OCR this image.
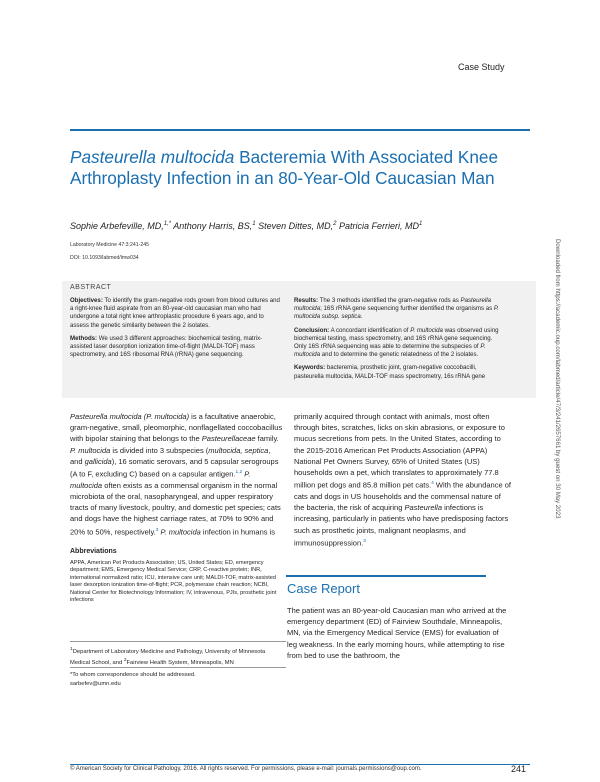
Case Study
Pasteurella multocida Bacteremia With Associated Knee Arthroplasty Infection in an 80-Year-Old Caucasian Man
Sophie Arbefeville, MD,$^{1,*}$ Anthony Harris, BS,$^1$ Steven Dittes, MD,$^2$ Patricia Ferrieri, $MD^1$
Laboratory Medicine 47:3:241-245
DOI: 10.1093/labmed/lmw034
ABSTRACT

Objectives: To identify the gram-negative rods grown from blood cultures and a right-knee fluid aspirate from an 80-year-old caucasian man who had undergone a total right knee arthroplastic procedure 6 years ago, and to assess the genetic similarity between the 2 isolates.

Methods: We used 3 different approaches: biochemical testing, matrix-assisted laser desorption ionization time-of-flight (MALDI-TOF) mass spectrometry, and 16S ribosomal RNA (rRNA) gene sequencing.

Results: The 3 methods identified the gram-negative rods as Pasteurella multocida; 16S rRNA gene sequencing further identified the organisms as P. multocida subsp. septica.

Conclusion: A concordant identification of P. multocida was observed using biochemical testing, mass spectrometry, and 16S rRNA gene sequencing. Only 16S rRNA sequencing was able to determine the subspecies of P. multocida and to determine the genetic relatedness of the 2 isolates.

Keywords: bacteremia, prosthetic joint, gram-negative coccobacilli, pasteurella multocida, MALDI-TOF mass spectrometry, 16s rRNA gene

Pasteurella multocida (P. multocida) is a facultative anaerobic, gram-negative, small, pleomorphic, nonflagellated coccobacillus with bipolar staining that belongs to the Pasteurellaceae family. P. multocida is divided into 3 subspecies (multocida, septica, and gallicida), 16 somatic serovars, and 5 capsular serogroups (A to F, excluding C) based on a capsular antigen.$^{1,2}$ P. multocida often exists as a commensal organism in the normal microbiota of the oral, nasopharyngeal, and upper respiratory tracts of many livestock, poultry, and domestic pet species; cats and dogs have the highest carriage rates, at 70% to 90% and 20% to 50%, respectively.$^3$ P. multocida infection in humans is

primarily acquired through contact with animals, most often through bites, scratches, licks on skin abrasions, or exposure to mucus secretions from pets. In the United States, according to the 2015-2016 American Pet Products Association (APPA) National Pet Owners Survey, 65% of United States (US) households own a pet, which translates to approximately 77.8 million pet dogs and 85.8 million pet cats.$^4$ With the abundance of cats and dogs in US households and the commensal nature of the bacteria, the risk of acquiring Pasteurella infections is increasing, particularly in patients who have predisposing factors such as prosthetic joints, malignant neoplasms, and immunosuppression.$^3$

Abbreviations
APPA, American Pet Products Association; US, United States; ED, emergency department; EMS, Emergency Medical Service; CRP, C-reactive protein; INR, international normalized ratio; ICU, intensive care unit; MALDI-TOF, matrix-assisted laser desorption ionization time-of-flight; PCR, polymerase chain reaction; NCBI, National Center for Biotechnology Information; IV, intravenous, PJIs, prosthetic joint infections
$^1$Department of Laboratory Medicine and Pathology, University of Minnesota Medical School, and $^2$Fairview Health System, Minneapolis, MN
*To whom correspondence should be addressed.
sarbefev@umn.edu
Case Report

The patient was an 80-year-old Caucasian man who arrived at the emergency department (ED) of Fairview Southdale, Minneapolis, MN, via the Emergency Medical Service (EMS) for evaluation of leg weakness. In the early morning hours, while attempting to rise from bed to use the bathroom, the

© American Society for Clinical Pathology, 2016. All rights reserved. For permissions, please e-mail: journals.permissions@oup.com.	241
Downloaded from https://academic.oup.com/labmed/article/47/3/241/2657661 by guest on 30 May 2023
